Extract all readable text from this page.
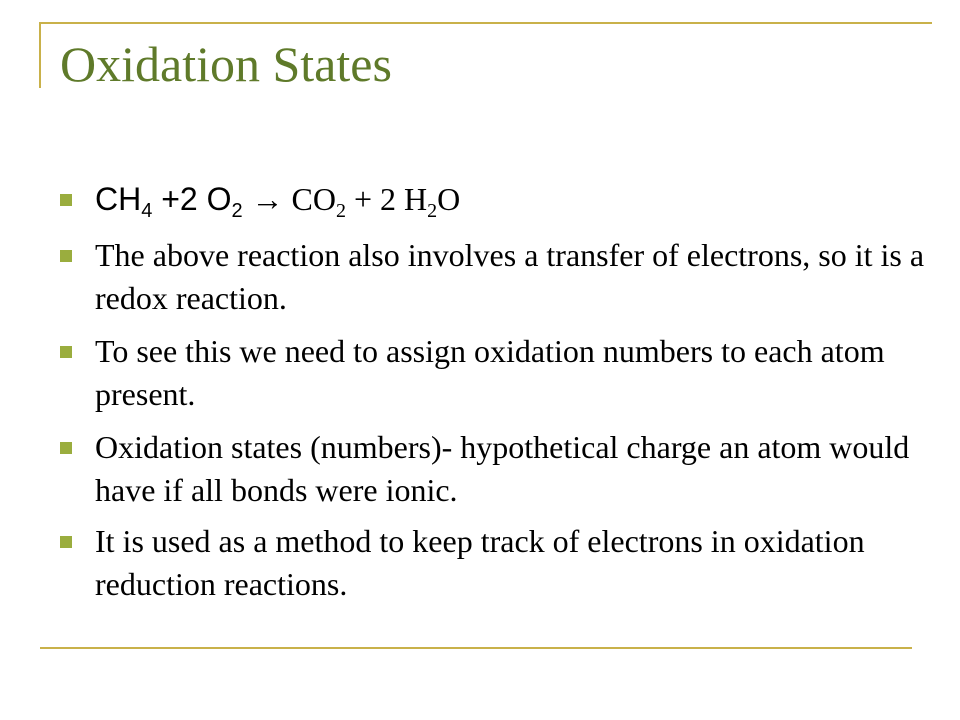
Oxidation States
$CH_4 +2$ $O_2 \to CO_2 + 2$ $H_2O$
The above reaction also involves a transfer of electrons, so it is a redox reaction.
To see this we need to assign oxidation numbers to each atom present.
Oxidation states (numbers)- hypothetical charge an atom would have if all bonds were ionic.
It is used as a method to keep track of electrons in oxidation reduction reactions.
